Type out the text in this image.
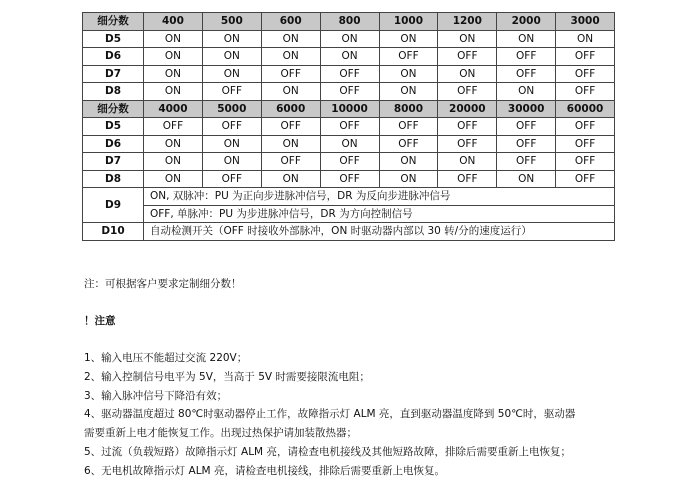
细分数	400	500	600	800	1000	1200	2000	3000
D5	ON	ON	ON	ON	ON	ON	ON	ON
D6	ON	ON	ON	ON	OFF	OFF	OFF	OFF
D7	ON	ON	OFF	OFF	ON	ON	OFF	OFF
D8	ON	OFF	ON	OFF	ON	OFF	ON	OFF
细分数	4000	5000	6000	10000	8000	20000	30000	60000
D5	OFF	OFF	OFF	OFF	OFF	OFF	OFF	OFF
D6	ON	ON	ON	ON	OFF	OFF	OFF	OFF
D7	ON	ON	OFF	OFF	ON	ON	OFF	OFF
D8	ON	OFF	ON	OFF	ON	OFF	ON	OFF
D9	ON, 双脉冲：PU 为正向步进脉冲信号，DR 为反向步进脉冲信号							
	OFF, 单脉冲：PU 为步进脉冲信号，DR 为方向控制信号							
D10	自动检测开关（OFF 时接收外部脉冲，ON 时驱动器内部以 30 转/分的速度运行）							
注：可根据客户要求定制细分数！
！注意
1、输入电压不能超过交流 220V；
2、输入控制信号电平为 5V，当高于 5V 时需要接限流电阻；
3、输入脉冲信号下降沿有效；
4、驱动器温度超过 80℃时驱动器停止工作，故障指示灯 ALM 亮，直到驱动器温度降到 50℃时，驱动器
需要重新上电才能恢复工作。出现过热保护请加装散热器；
5、过流（负载短路）故障指示灯 ALM 亮，请检查电机接线及其他短路故障，排除后需要重新上电恢复；
6、无电机故障指示灯 ALM 亮，请检查电机接线，排除后需要重新上电恢复。
